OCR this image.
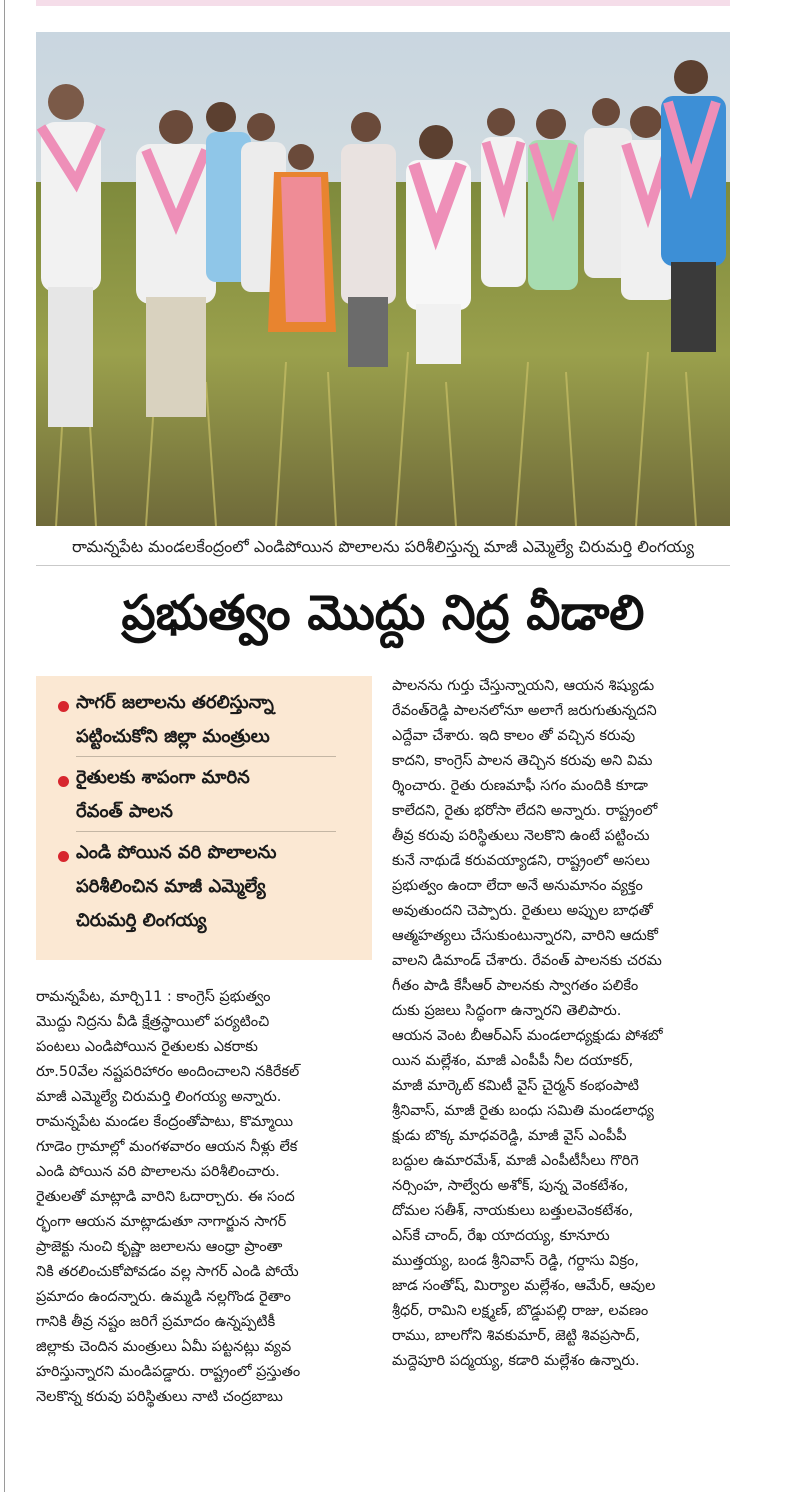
రామన్నపేట మండలకేంద్రంలో ఎండిపోయిన పొలాలను పరిశీలిస్తున్న మాజీ ఎమ్మెల్యే చిరుమర్తి లింగయ్య
ప్రభుత్వం మొద్దు నిద్ర వీడాలి
సాగర్ జలాలను తరలిస్తున్నా
పట్టించుకోని జిల్లా మంత్రులు
రైతులకు శాపంగా మారిన
రేవంత్ పాలన
ఎండి పోయిన వరి పొలాలను
పరిశీలించిన మాజీ ఎమ్మెల్యే
చిరుమర్తి లింగయ్య

రామన్నపేట, మార్చి11 : కాంగ్రెస్ ప్రభుత్వం

మొద్దు నిద్రను వీడి క్షేత్రస్థాయిలో పర్యటించి

పంటలు ఎండిపోయిన రైతులకు ఎకరాకు

రూ.50వేల నష్టపరిహారం అందించాలని నకిరేకల్

మాజీ ఎమ్మెల్యే చిరుమర్తి లింగయ్య అన్నారు.

రామన్నపేట మండల కేంద్రంతోపాటు, కొమ్మాయి

గూడెం గ్రామాల్లో మంగళవారం ఆయన నీళ్లు లేక

ఎండి పోయిన వరి పొలాలను పరిశీలించారు.

రైతులతో మాట్లాడి వారిని ఓదార్చారు. ఈ సంద

ర్భంగా ఆయన మాట్లాడుతూ నాగార్జున సాగర్

ప్రాజెక్టు నుంచి కృష్ణా జలాలను ఆంధ్రా ప్రాంతా

నికి తరలించుకోపోవడం వల్ల సాగర్ ఎండి పోయే

ప్రమాదం ఉందన్నారు. ఉమ్మడి నల్లగొండ రైతాం

గానికి తీవ్ర నష్టం జరిగే ప్రమాదం ఉన్నప్పటికీ

జిల్లాకు చెందిన మంత్రులు ఏమీ పట్టనట్లు వ్యవ

హరిస్తున్నారని మండిపడ్డారు. రాష్ట్రంలో ప్రస్తుతం

నెలకొన్న కరువు పరిస్థితులు నాటి చంద్రబాబు

పాలనను గుర్తు చేస్తున్నాయని, ఆయన శిష్యుడు

రేవంత్‌రెడ్డి పాలనలోనూ అలాగే జరుగుతున్నదని

ఎద్దేవా చేశారు. ఇది కాలం తో వచ్చిన కరువు

కాదని, కాంగ్రెస్ పాలన తెచ్చిన కరువు అని విమ

ర్శించారు. రైతు రుణమాఫీ సగం మందికి కూడా

కాలేదని, రైతు భరోసా లేదని అన్నారు. రాష్ట్రంలో

తీవ్ర కరువు పరిస్థితులు నెలకొని ఉంటే పట్టించు

కునే నాథుడే కరువయ్యాడని, రాష్ట్రంలో అసలు

ప్రభుత్వం ఉందా లేదా అనే అనుమానం వ్యక్తం

అవుతుందని చెప్పారు. రైతులు అప్పుల బాధతో

ఆత్మహత్యలు చేసుకుంటున్నారని, వారిని ఆదుకో

వాలని డిమాండ్ చేశారు. రేవంత్ పాలనకు చరమ

గీతం పాడి కేసీఆర్ పాలనకు స్వాగతం పలికేం

దుకు ప్రజలు సిద్ధంగా ఉన్నారని తెలిపారు.

ఆయన వెంట బీఆర్ఎస్ మండలాధ్యక్షుడు పోశబో

యిన మల్లేశం, మాజీ ఎంపీపీ నీల దయాకర్,

మాజీ మార్కెట్ కమిటీ వైస్ చైర్మన్ కంభంపాటి

శ్రీనివాస్, మాజీ రైతు బంధు సమితి మండలాధ్య

క్షుడు బొక్క మాధవరెడ్డి, మాజీ వైస్ ఎంపీపీ

బద్దుల ఉమారమేశ్, మాజీ ఎంపీటీసీలు గొరిగె

నర్సింహ, సాల్వేరు అశోక్, పున్న వెంకటేశం,

దోమల సతీశ్, నాయకులు బత్తులవెంకటేశం,

ఎస్‌కే చాంద్, రేఖ యాదయ్య, కూనూరు

ముత్తయ్య, బండ శ్రీనివాస్ రెడ్డి, గర్దాసు విక్రం,

జాడ సంతోష్, మిర్యాల మల్లేశం, ఆమేర్, ఆవుల

శ్రీధర్, రామిని లక్ష్మణ్, బొడ్డుపల్లి రాజు, లవణం

రాము, బాలగోని శివకుమార్, జెట్టి శివప్రసాద్,

మద్దెపూరి పద్మయ్య, కడారి మల్లేశం ఉన్నారు.
